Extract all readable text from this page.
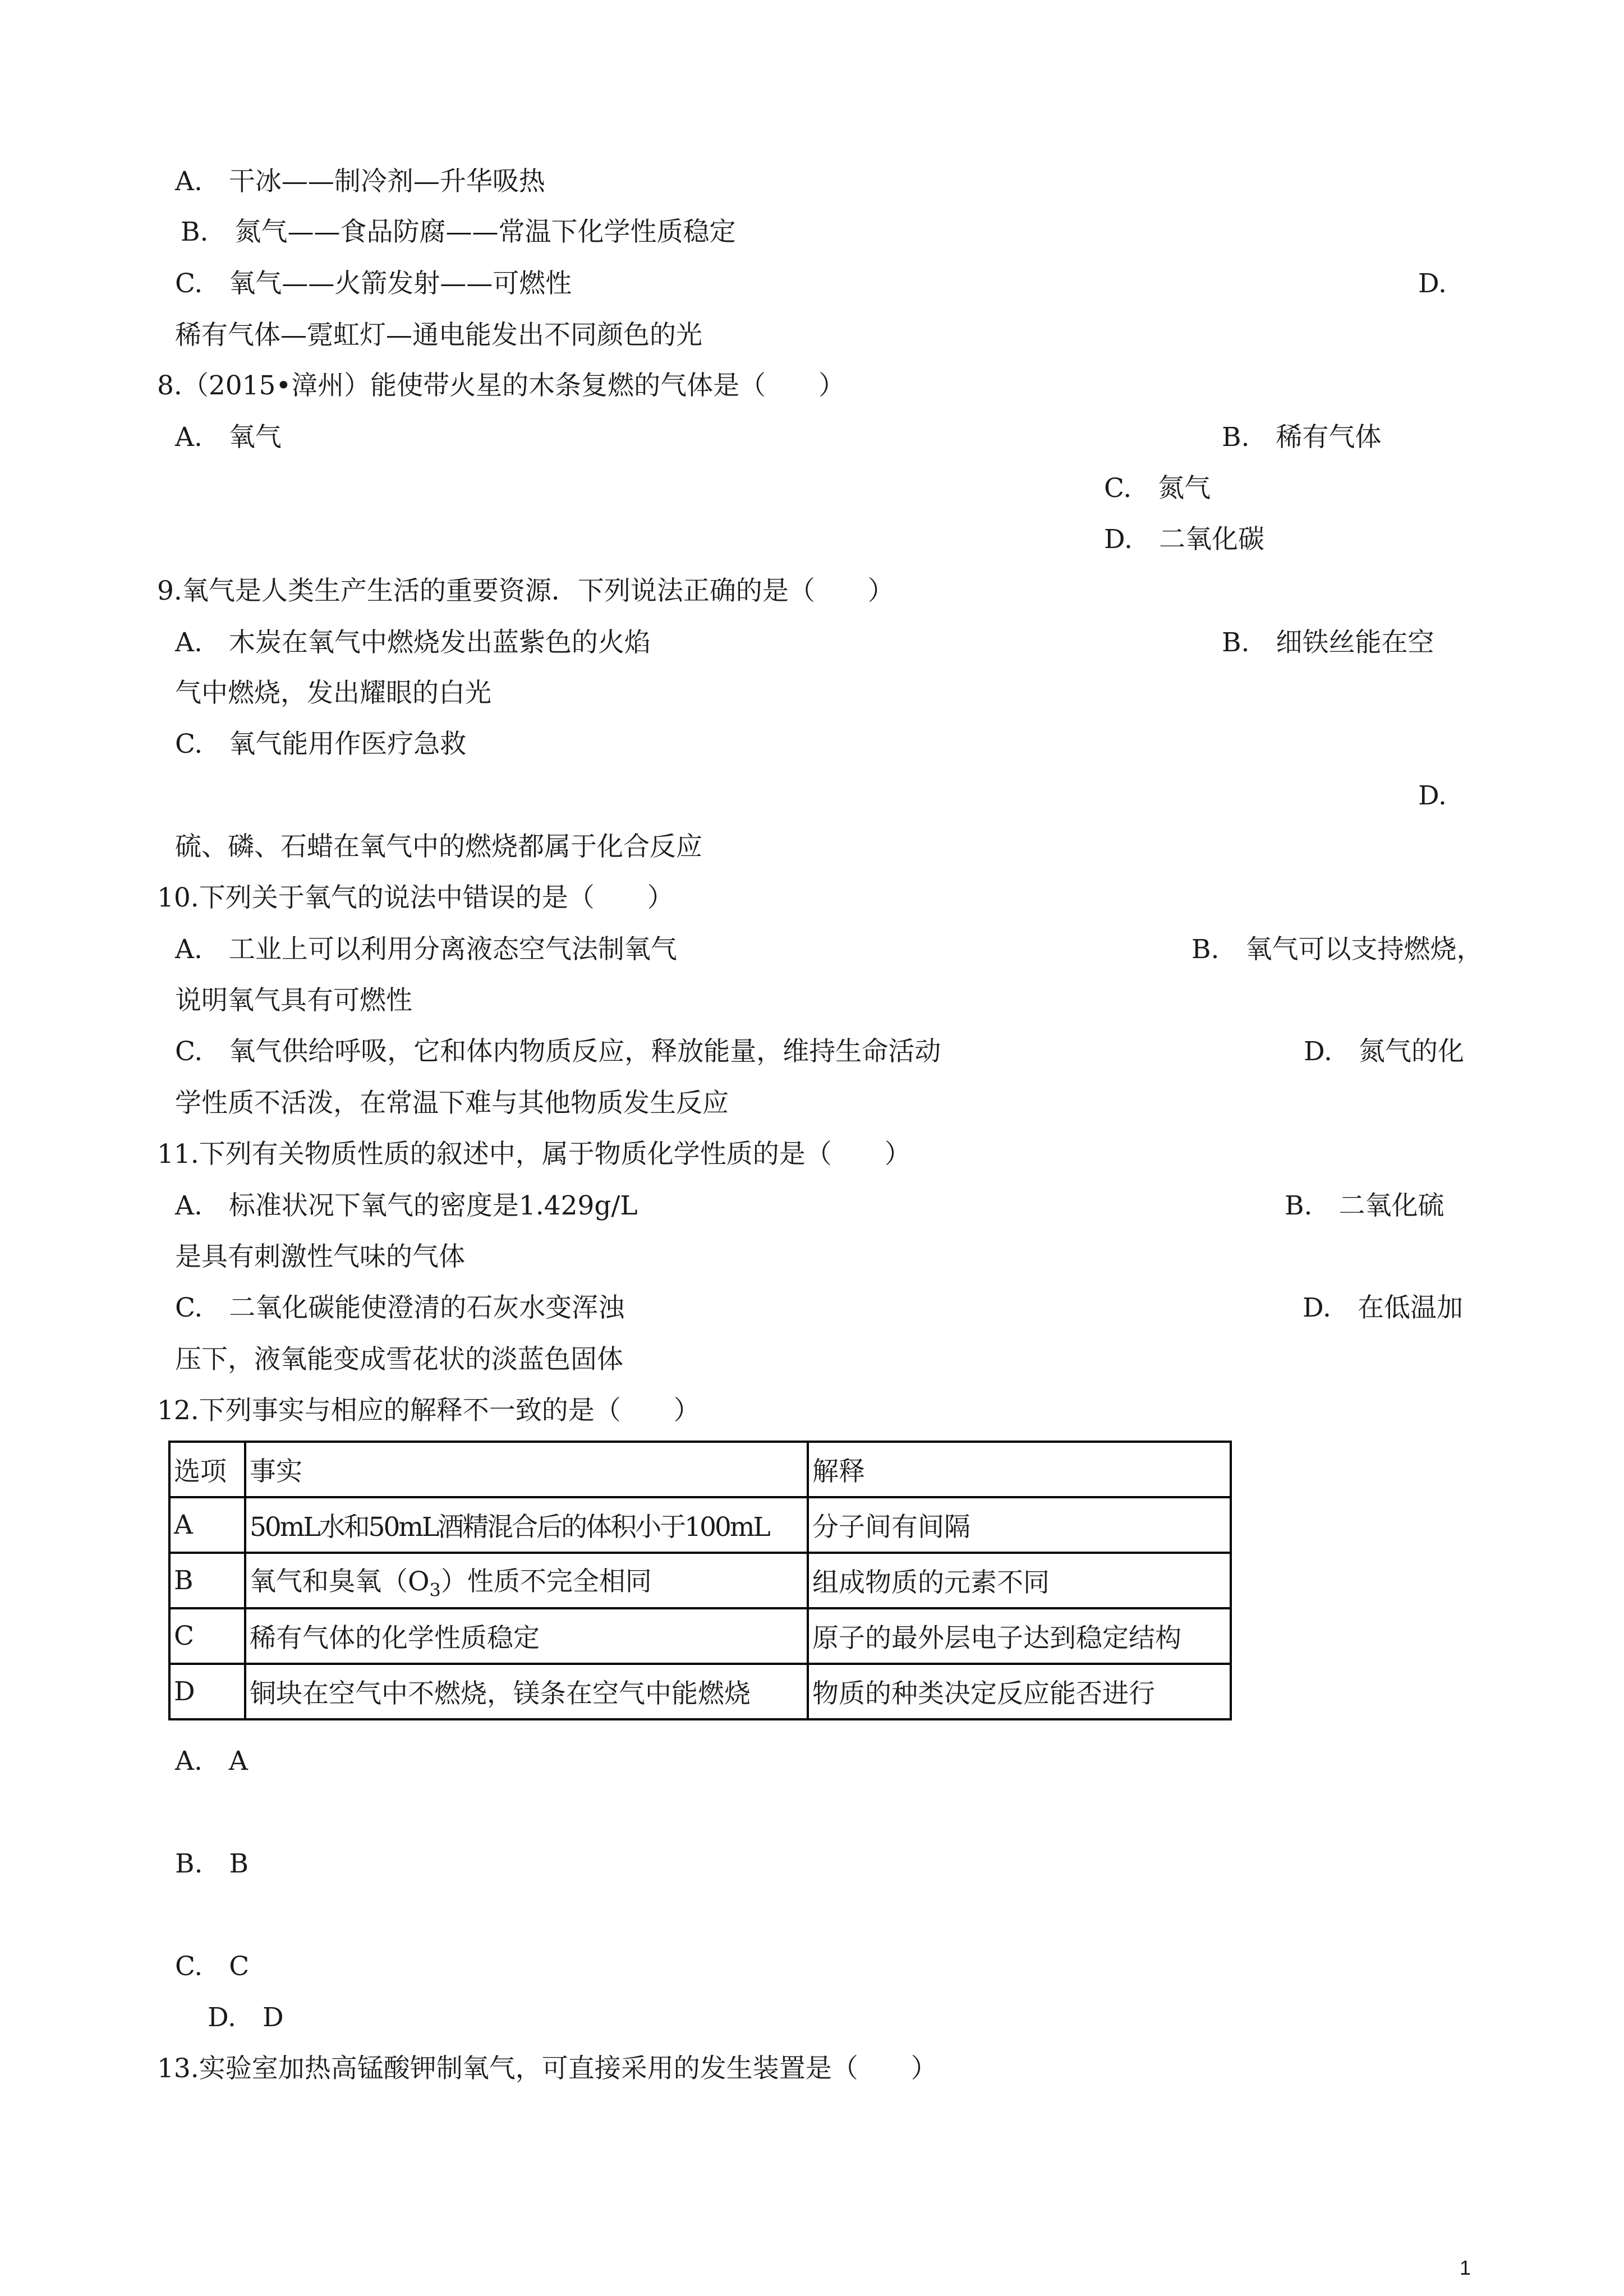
A.　干冰——制冷剂—升华吸热
B.　氮气——食品防腐——常温下化学性质稳定
C.　氧气——火箭发射——可燃性	D.
稀有气体—霓虹灯—通电能发出不同颜色的光
8.（2015•漳州）能使带火星的木条复燃的气体是（　　）
A.　氧气	B.　稀有气体
C.　氮气
D.　二氧化碳
9.氧气是人类生产生活的重要资源．下列说法正确的是（　　）
A.　木炭在氧气中燃烧发出蓝紫色的火焰	B.　细铁丝能在空
气中燃烧，发出耀眼的白光
C.　氧气能用作医疗急救
D.
硫、磷、石蜡在氧气中的燃烧都属于化合反应
10.下列关于氧气的说法中错误的是（　　）
A.　工业上可以利用分离液态空气法制氧气	B.　氧气可以支持燃烧，
说明氧气具有可燃性
C.　氧气供给呼吸，它和体内物质反应，释放能量，维持生命活动	D.　氮气的化
学性质不活泼，在常温下难与其他物质发生反应
11.下列有关物质性质的叙述中，属于物质化学性质的是（　　）
A.　标准状况下氧气的密度是1.429g/L	B.　二氧化硫
是具有刺激性气味的气体
C.　二氧化碳能使澄清的石灰水变浑浊	D.　在低温加
压下，液氧能变成雪花状的淡蓝色固体
12.下列事实与相应的解释不一致的是（　　）
选项	事实	解释
A	50mL水和50mL酒精混合后的体积小于100mL	分子间有间隔
B	氧气和臭氧$(O_3)$性质不完全相同	组成物质的元素不同
C	稀有气体的化学性质稳定	原子的最外层电子达到稳定结构
D	铜块在空气中不燃烧，镁条在空气中能燃烧	物质的种类决定反应能否进行
A.　A
B.　B
C.　C
D.　D
13.实验室加热高锰酸钾制氧气，可直接采用的发生装置是（　　）
1
